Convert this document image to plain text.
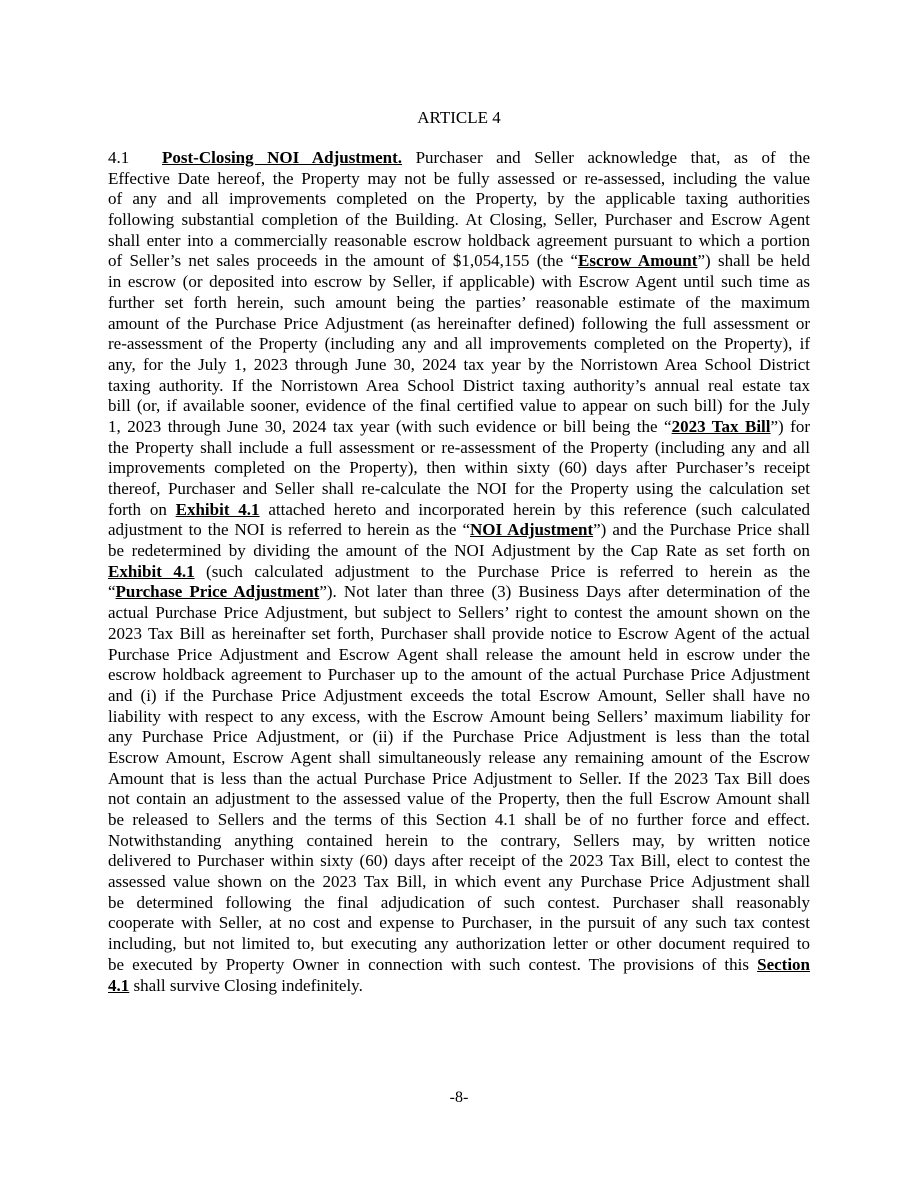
ARTICLE 4
4.1 Post-Closing NOI Adjustment. Purchaser and Seller acknowledge that, as of the
Effective Date hereof, the Property may not be fully assessed or re-assessed, including the value
of any and all improvements completed on the Property, by the applicable taxing authorities
following substantial completion of the Building. At Closing, Seller, Purchaser and Escrow Agent
shall enter into a commercially reasonable escrow holdback agreement pursuant to which a portion
of Seller’s net sales proceeds in the amount of $1,054,155 (the “Escrow Amount”) shall be held
in escrow (or deposited into escrow by Seller, if applicable) with Escrow Agent until such time as
further set forth herein, such amount being the parties’ reasonable estimate of the maximum
amount of the Purchase Price Adjustment (as hereinafter defined) following the full assessment or
re-assessment of the Property (including any and all improvements completed on the Property), if
any, for the July 1, 2023 through June 30, 2024 tax year by the Norristown Area School District
taxing authority. If the Norristown Area School District taxing authority’s annual real estate tax
bill (or, if available sooner, evidence of the final certified value to appear on such bill) for the July
1, 2023 through June 30, 2024 tax year (with such evidence or bill being the “2023 Tax Bill”) for
the Property shall include a full assessment or re-assessment of the Property (including any and all
improvements completed on the Property), then within sixty (60) days after Purchaser’s receipt
thereof, Purchaser and Seller shall re-calculate the NOI for the Property using the calculation set
forth on Exhibit 4.1 attached hereto and incorporated herein by this reference (such calculated
adjustment to the NOI is referred to herein as the “NOI Adjustment”) and the Purchase Price shall
be redetermined by dividing the amount of the NOI Adjustment by the Cap Rate as set forth on
Exhibit 4.1 (such calculated adjustment to the Purchase Price is referred to herein as the
“Purchase Price Adjustment”). Not later than three (3) Business Days after determination of the
actual Purchase Price Adjustment, but subject to Sellers’ right to contest the amount shown on the
2023 Tax Bill as hereinafter set forth, Purchaser shall provide notice to Escrow Agent of the actual
Purchase Price Adjustment and Escrow Agent shall release the amount held in escrow under the
escrow holdback agreement to Purchaser up to the amount of the actual Purchase Price Adjustment
and (i) if the Purchase Price Adjustment exceeds the total Escrow Amount, Seller shall have no
liability with respect to any excess, with the Escrow Amount being Sellers’ maximum liability for
any Purchase Price Adjustment, or (ii) if the Purchase Price Adjustment is less than the total
Escrow Amount, Escrow Agent shall simultaneously release any remaining amount of the Escrow
Amount that is less than the actual Purchase Price Adjustment to Seller. If the 2023 Tax Bill does
not contain an adjustment to the assessed value of the Property, then the full Escrow Amount shall
be released to Sellers and the terms of this Section 4.1 shall be of no further force and effect.
Notwithstanding anything contained herein to the contrary, Sellers may, by written notice
delivered to Purchaser within sixty (60) days after receipt of the 2023 Tax Bill, elect to contest the
assessed value shown on the 2023 Tax Bill, in which event any Purchase Price Adjustment shall
be determined following the final adjudication of such contest. Purchaser shall reasonably
cooperate with Seller, at no cost and expense to Purchaser, in the pursuit of any such tax contest
including, but not limited to, but executing any authorization letter or other document required to
be executed by Property Owner in connection with such contest. The provisions of this Section
4.1 shall survive Closing indefinitely.
-8-
